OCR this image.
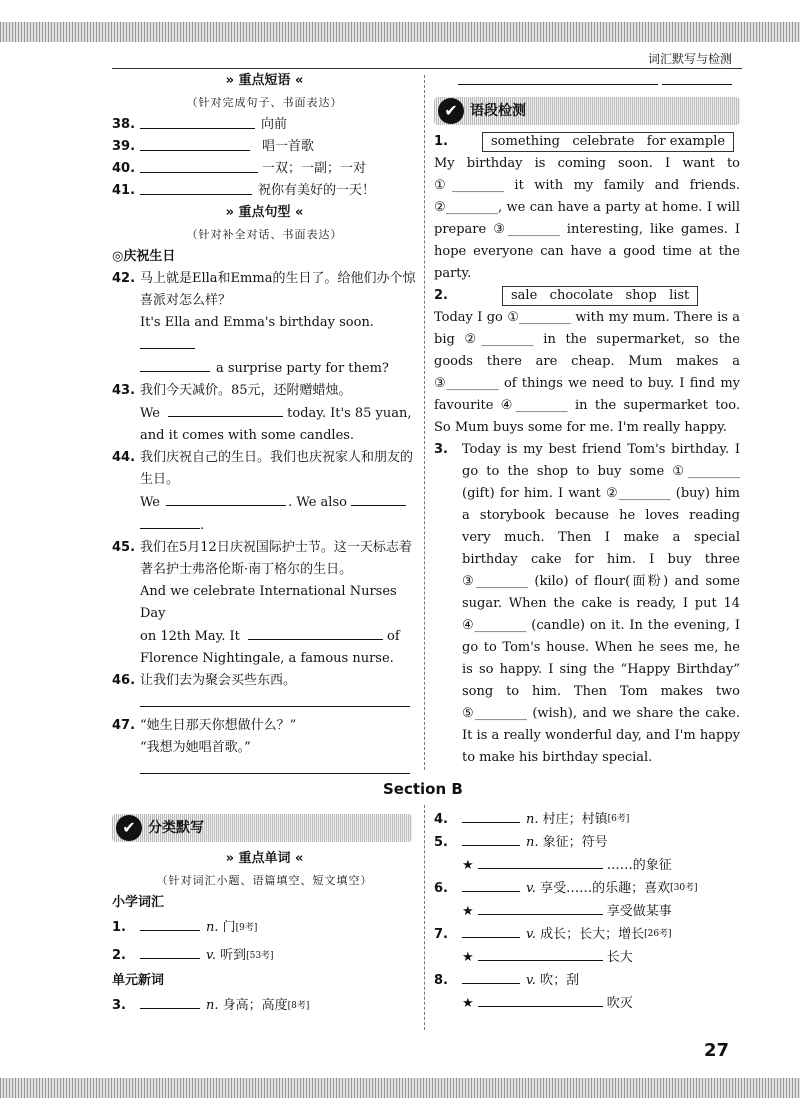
词汇默写与检测
» 重点短语 «
（针对完成句子、书面表达）
38.	向前
39.	唱一首歌
40.	一双；一副；一对
41.	祝你有美好的一天！
» 重点句型 «
（针对补全对话、书面表达）
◎庆祝生日
42. 马上就是Ella和Emma的生日了。给他们办个惊喜派对怎么样？
It's Ella and Emma's birthday soon.
a surprise party for them?
43. 我们今天减价。85元，还附赠蜡烛。
We	today. It's 85 yuan,
and it comes with some candles.
44. 我们庆祝自己的生日。我们也庆祝家人和朋友的生日。
We	. We also
.
45. 我们在5月12日庆祝国际护士节。这一天标志着著名护士弗洛伦斯·南丁格尔的生日。
And we celebrate International Nurses Day
on 12th May. It	of
Florence Nightingale, a famous nurse.
46. 让我们去为聚会买些东西。
47. “她生日那天你想做什么？”
“我想为她唱首歌。”

✔ 语段检测
1.	something   celebrate   for example
My birthday is coming soon. I want to ①________ it with my family and friends. ②________, we can have a party at home. I will prepare ③________ interesting, like games. I hope everyone can have a good time at the party.
2.	sale   chocolate   shop   list
Today I go ①________ with my mum. There is a big ②________ in the supermarket, so the goods there are cheap. Mum makes a ③________ of things we need to buy. I find my favourite ④________ in the supermarket too. So Mum buys some for me. I'm really happy.
3.	Today is my best friend Tom's birthday. I go to the shop to buy some ①________ (gift) for him. I want ②________ (buy) him a storybook because he loves reading very much. Then I make a special birthday cake for him. I buy three ③________ (kilo) of flour(面粉) and some sugar. When the cake is ready, I put 14 ④________ (candle) on it. In the evening, I go to Tom's house. When he sees me, he is so happy. I sing the “Happy Birthday” song to him. Then Tom makes two ⑤________ (wish), and we share the cake. It is a really wonderful day, and I'm happy to make his birthday special.
Section B
✔ 分类默写
» 重点单词 «
（针对词汇小题、语篇填空、短文填空）
小学词汇
1.	n. 门[9考]
2.	v. 听到[53考]
单元新词
3.	n. 身高；高度[8考]
4.	n. 村庄；村镇[6考]
5.	n. 象征；符号
★	……的象征
6.	v. 享受……的乐趣；喜欢[30考]
★	享受做某事
7.	v. 成长；长大；增长[26考]
★	长大
8.	v. 吹；刮
★	吹灭
27
